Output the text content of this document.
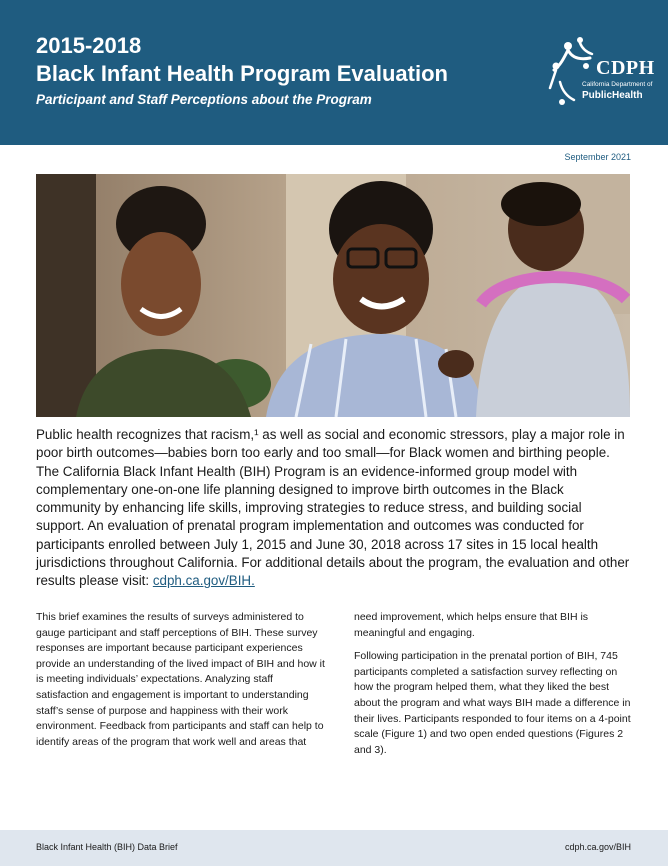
2015-2018
Black Infant Health Program Evaluation
Participant and Staff Perceptions about the Program
CDPH
California Department of
PublicHealth
September 2021
Public health recognizes that racism,¹ as well as social and economic stressors, play a major role in poor birth outcomes—babies born too early and too small—for Black women and birthing people. The California Black Infant Health (BIH) Program is an evidence-informed group model with complementary one-on-one life planning designed to improve birth outcomes in the Black community by enhancing life skills, improving strategies to reduce stress, and building social support. An evaluation of prenatal program implementation and outcomes was conducted for participants enrolled between July 1, 2015 and June 30, 2018 across 17 sites in 15 local health jurisdictions throughout California. For additional details about the program, the evaluation and other results please visit: cdph.ca.gov/BIH.

This brief examines the results of surveys administered to gauge participant and staff perceptions of BIH. These survey responses are important because participant experiences provide an understanding of the lived impact of BIH and how it is meeting individuals’ expectations. Analyzing staff satisfaction and engagement is important to understanding staff’s sense of purpose and happiness with their work environment. Feedback from participants and staff can help to identify areas of the program that work well and areas that

need improvement, which helps ensure that BIH is meaningful and engaging.

Following participation in the prenatal portion of BIH, 745 participants completed a satisfaction survey reflecting on how the program helped them, what they liked the best about the program and what ways BIH made a difference in their lives. Participants responded to four items on a 4-point scale (Figure 1) and two open ended questions (Figures 2 and 3).

Black Infant Health (BIH) Data Brief	cdph.ca.gov/BIH
